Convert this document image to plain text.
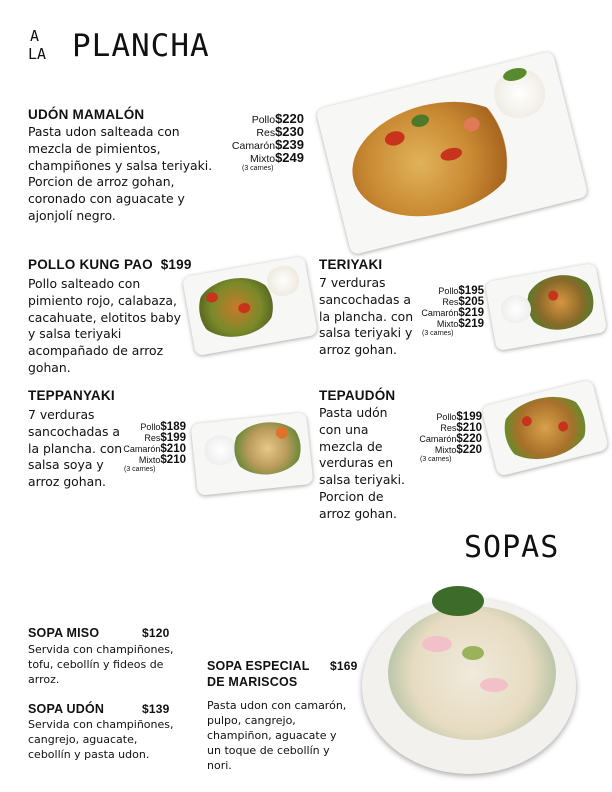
A
LA PLANCHA
UDÓN MAMALÓN
Pasta udon salteada con mezcla de pimientos, champiñones y salsa teriyaki. Porcion de arroz gohan, coronado con aguacate y ajonjolí negro.
Pollo$220
Res$230
Camarón$239
Mixto$249
(3 carnes)
POLLO KUNG PAO $199
Pollo salteado con pimiento rojo, calabaza, cacahuate, elotitos baby y salsa teriyaki acompañado de arroz gohan.
TERIYAKI
7 verduras sancochadas a la plancha. con salsa teriyaki y arroz gohan.
Pollo$195
Res$205
Camarón$219
Mixto$219
(3 carnes)
TEPPANYAKI
7 verduras sancochadas a la plancha. con salsa soya y arroz gohan.
Pollo$189
Res$199
Camarón$210
Mixto$210
(3 carnes)
TEPAUDÓN
Pasta udón con una mezcla de verduras en salsa teriyaki. Porcion de arroz gohan.
Pollo$199
Res$210
Camarón$220
Mixto$220
(3 carnes)
SOPAS
SOPA MISO	$120
Servida con champiñones, tofu, cebollín y fideos de arroz.
SOPA UDÓN	$139
Servida con champiñones, cangrejo, aguacate, cebollín y pasta udon.
SOPA ESPECIAL
DE MARISCOS
$169
Pasta udon con camarón, pulpo, cangrejo, champiñon, aguacate y un toque de cebollín y nori.
